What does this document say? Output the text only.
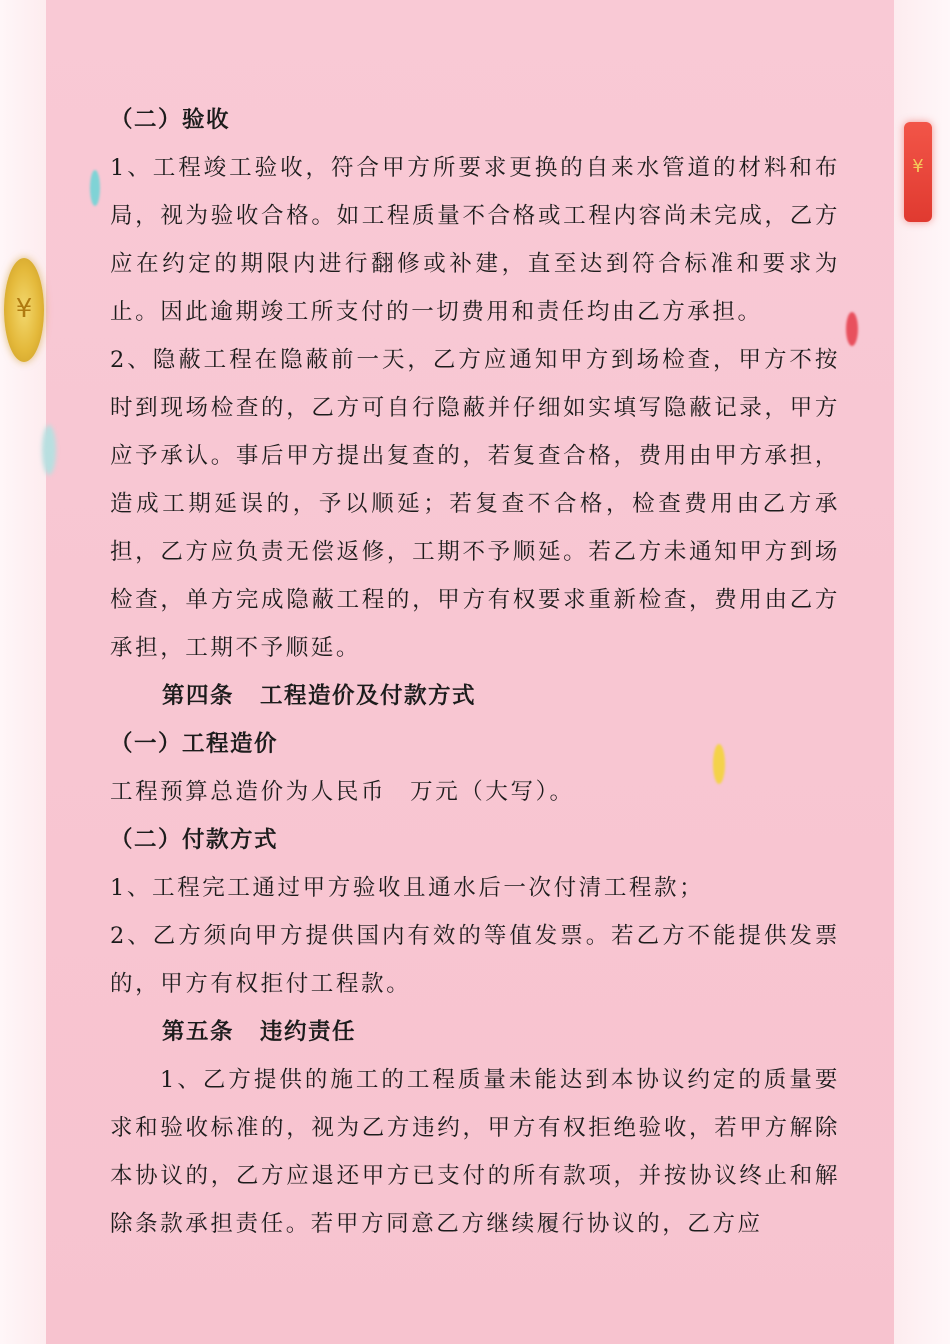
¥
¥

（二）验收

1、工程竣工验收，符合甲方所要求更换的自来水管道的材料和布局，视为验收合格。如工程质量不合格或工程内容尚未完成，乙方应在约定的期限内进行翻修或补建，直至达到符合标准和要求为止。因此逾期竣工所支付的一切费用和责任均由乙方承担。

2、隐蔽工程在隐蔽前一天，乙方应通知甲方到场检查，甲方不按时到现场检查的，乙方可自行隐蔽并仔细如实填写隐蔽记录，甲方应予承认。事后甲方提出复查的，若复查合格，费用由甲方承担，造成工期延误的，予以顺延；若复查不合格，检查费用由乙方承担，乙方应负责无偿返修，工期不予顺延。若乙方未通知甲方到场检查，单方完成隐蔽工程的，甲方有权要求重新检查，费用由乙方承担，工期不予顺延。

第四条 工程造价及付款方式

（一）工程造价

工程预算总造价为人民币 万元（大写）。

（二）付款方式

1、工程完工通过甲方验收且通水后一次付清工程款；

2、乙方须向甲方提供国内有效的等值发票。若乙方不能提供发票的，甲方有权拒付工程款。

第五条 违约责任

1、乙方提供的施工的工程质量未能达到本协议约定的质量要求和验收标准的，视为乙方违约，甲方有权拒绝验收，若甲方解除本协议的，乙方应退还甲方已支付的所有款项，并按协议终止和解除条款承担责任。若甲方同意乙方继续履行协议的，乙方应
